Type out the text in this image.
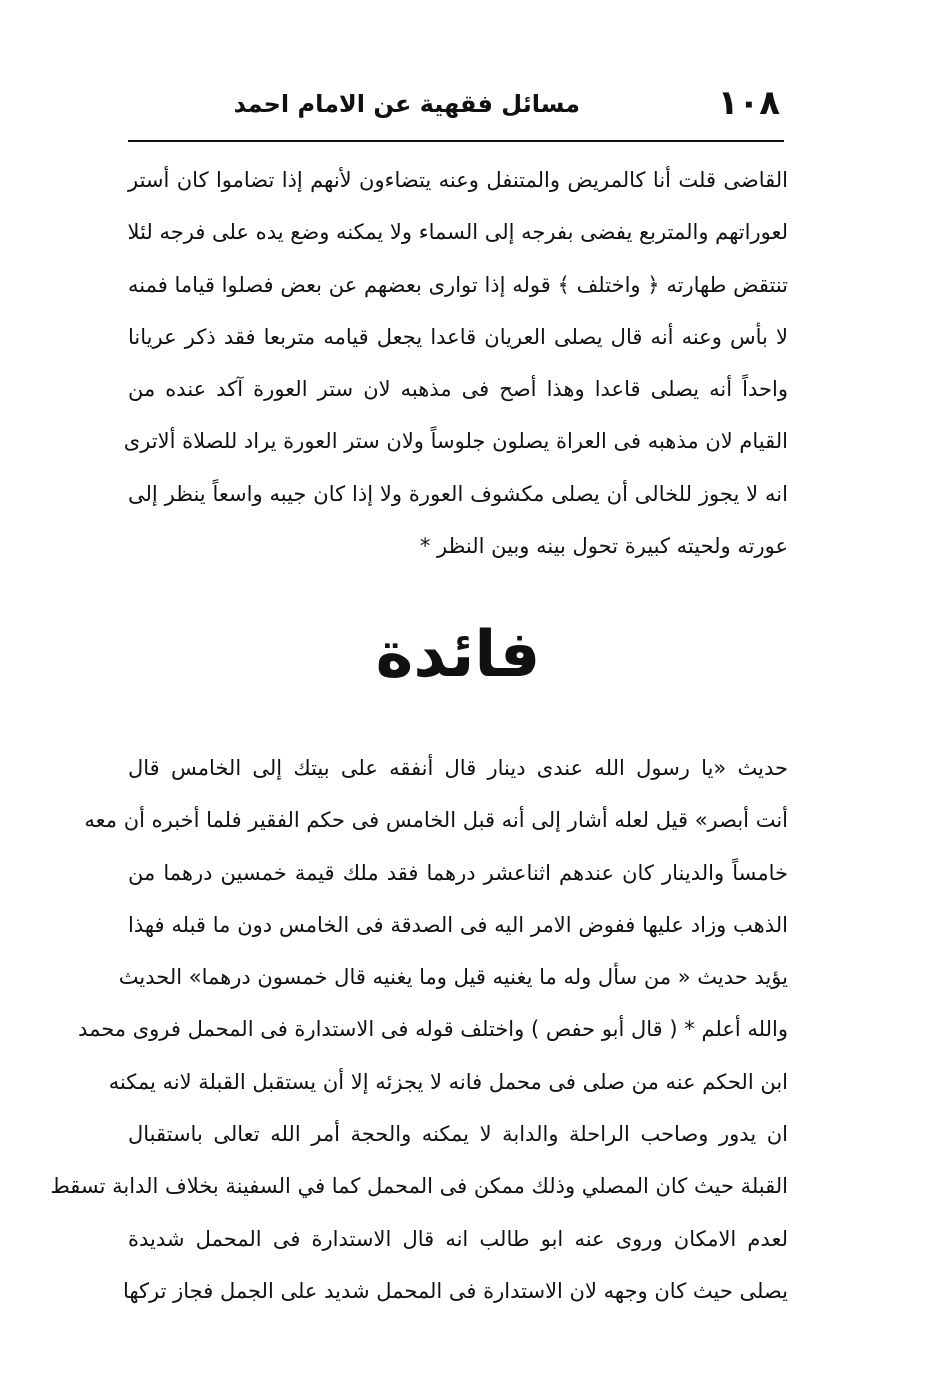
١٠٨
مسائل فقهية عن الامام احمد
القاضى قلت أنا كالمريض والمتنفل وعنه يتضاءون لأنهم إذا تضاموا كان أستر
لعوراتهم والمتربع يفضى بفرجه إلى السماء ولا يمكنه وضع يده على فرجه لئلا
تنتقض طهارته ﴿ واختلف ﴾ قوله إذا توارى بعضهم عن بعض فصلوا قياما فمنه
لا بأس وعنه أنه قال يصلى العريان قاعدا يجعل قيامه متربعا فقد ذكر عريانا
واحداً أنه يصلى قاعدا وهذا أصح فى مذهبه لان ستر العورة آكد عنده من
القيام لان مذهبه فى العراة يصلون جلوساً ولان ستر العورة يراد للصلاة ألاترى
انه لا يجوز للخالى أن يصلى مكشوف العورة ولا إذا كان جيبه واسعاً ينظر إلى
عورته ولحيته كبيرة تحول بينه وبين النظر *
فائدة
حديث «يا رسول الله عندى دينار قال أنفقه على بيتك إلى الخامس قال
أنت أبصر» قيل لعله أشار إلى أنه قبل الخامس فى حكم الفقير فلما أخبره أن معه
خامساً والدينار كان عندهم اثناعشر درهما فقد ملك قيمة خمسين درهما من
الذهب وزاد عليها ففوض الامر اليه فى الصدقة فى الخامس دون ما قبله فهذا
يؤيد حديث « من سأل وله ما يغنيه قيل وما يغنيه قال خمسون درهما» الحديث
والله أعلم * ( قال أبو حفص ) واختلف قوله فى الاستدارة فى المحمل فروى محمد
ابن الحكم عنه من صلى فى محمل فانه لا يجزئه إلا أن يستقبل القبلة لانه يمكنه
ان يدور وصاحب الراحلة والدابة لا يمكنه والحجة أمر الله تعالى باستقبال
القبلة حيث كان المصلي وذلك ممكن فى المحمل كما في السفينة بخلاف الدابة تسقط
لعدم الامكان وروى عنه ابو طالب انه قال الاستدارة فى المحمل شديدة
يصلى حيث كان وجهه لان الاستدارة فى المحمل شديد على الجمل فجاز تركها
